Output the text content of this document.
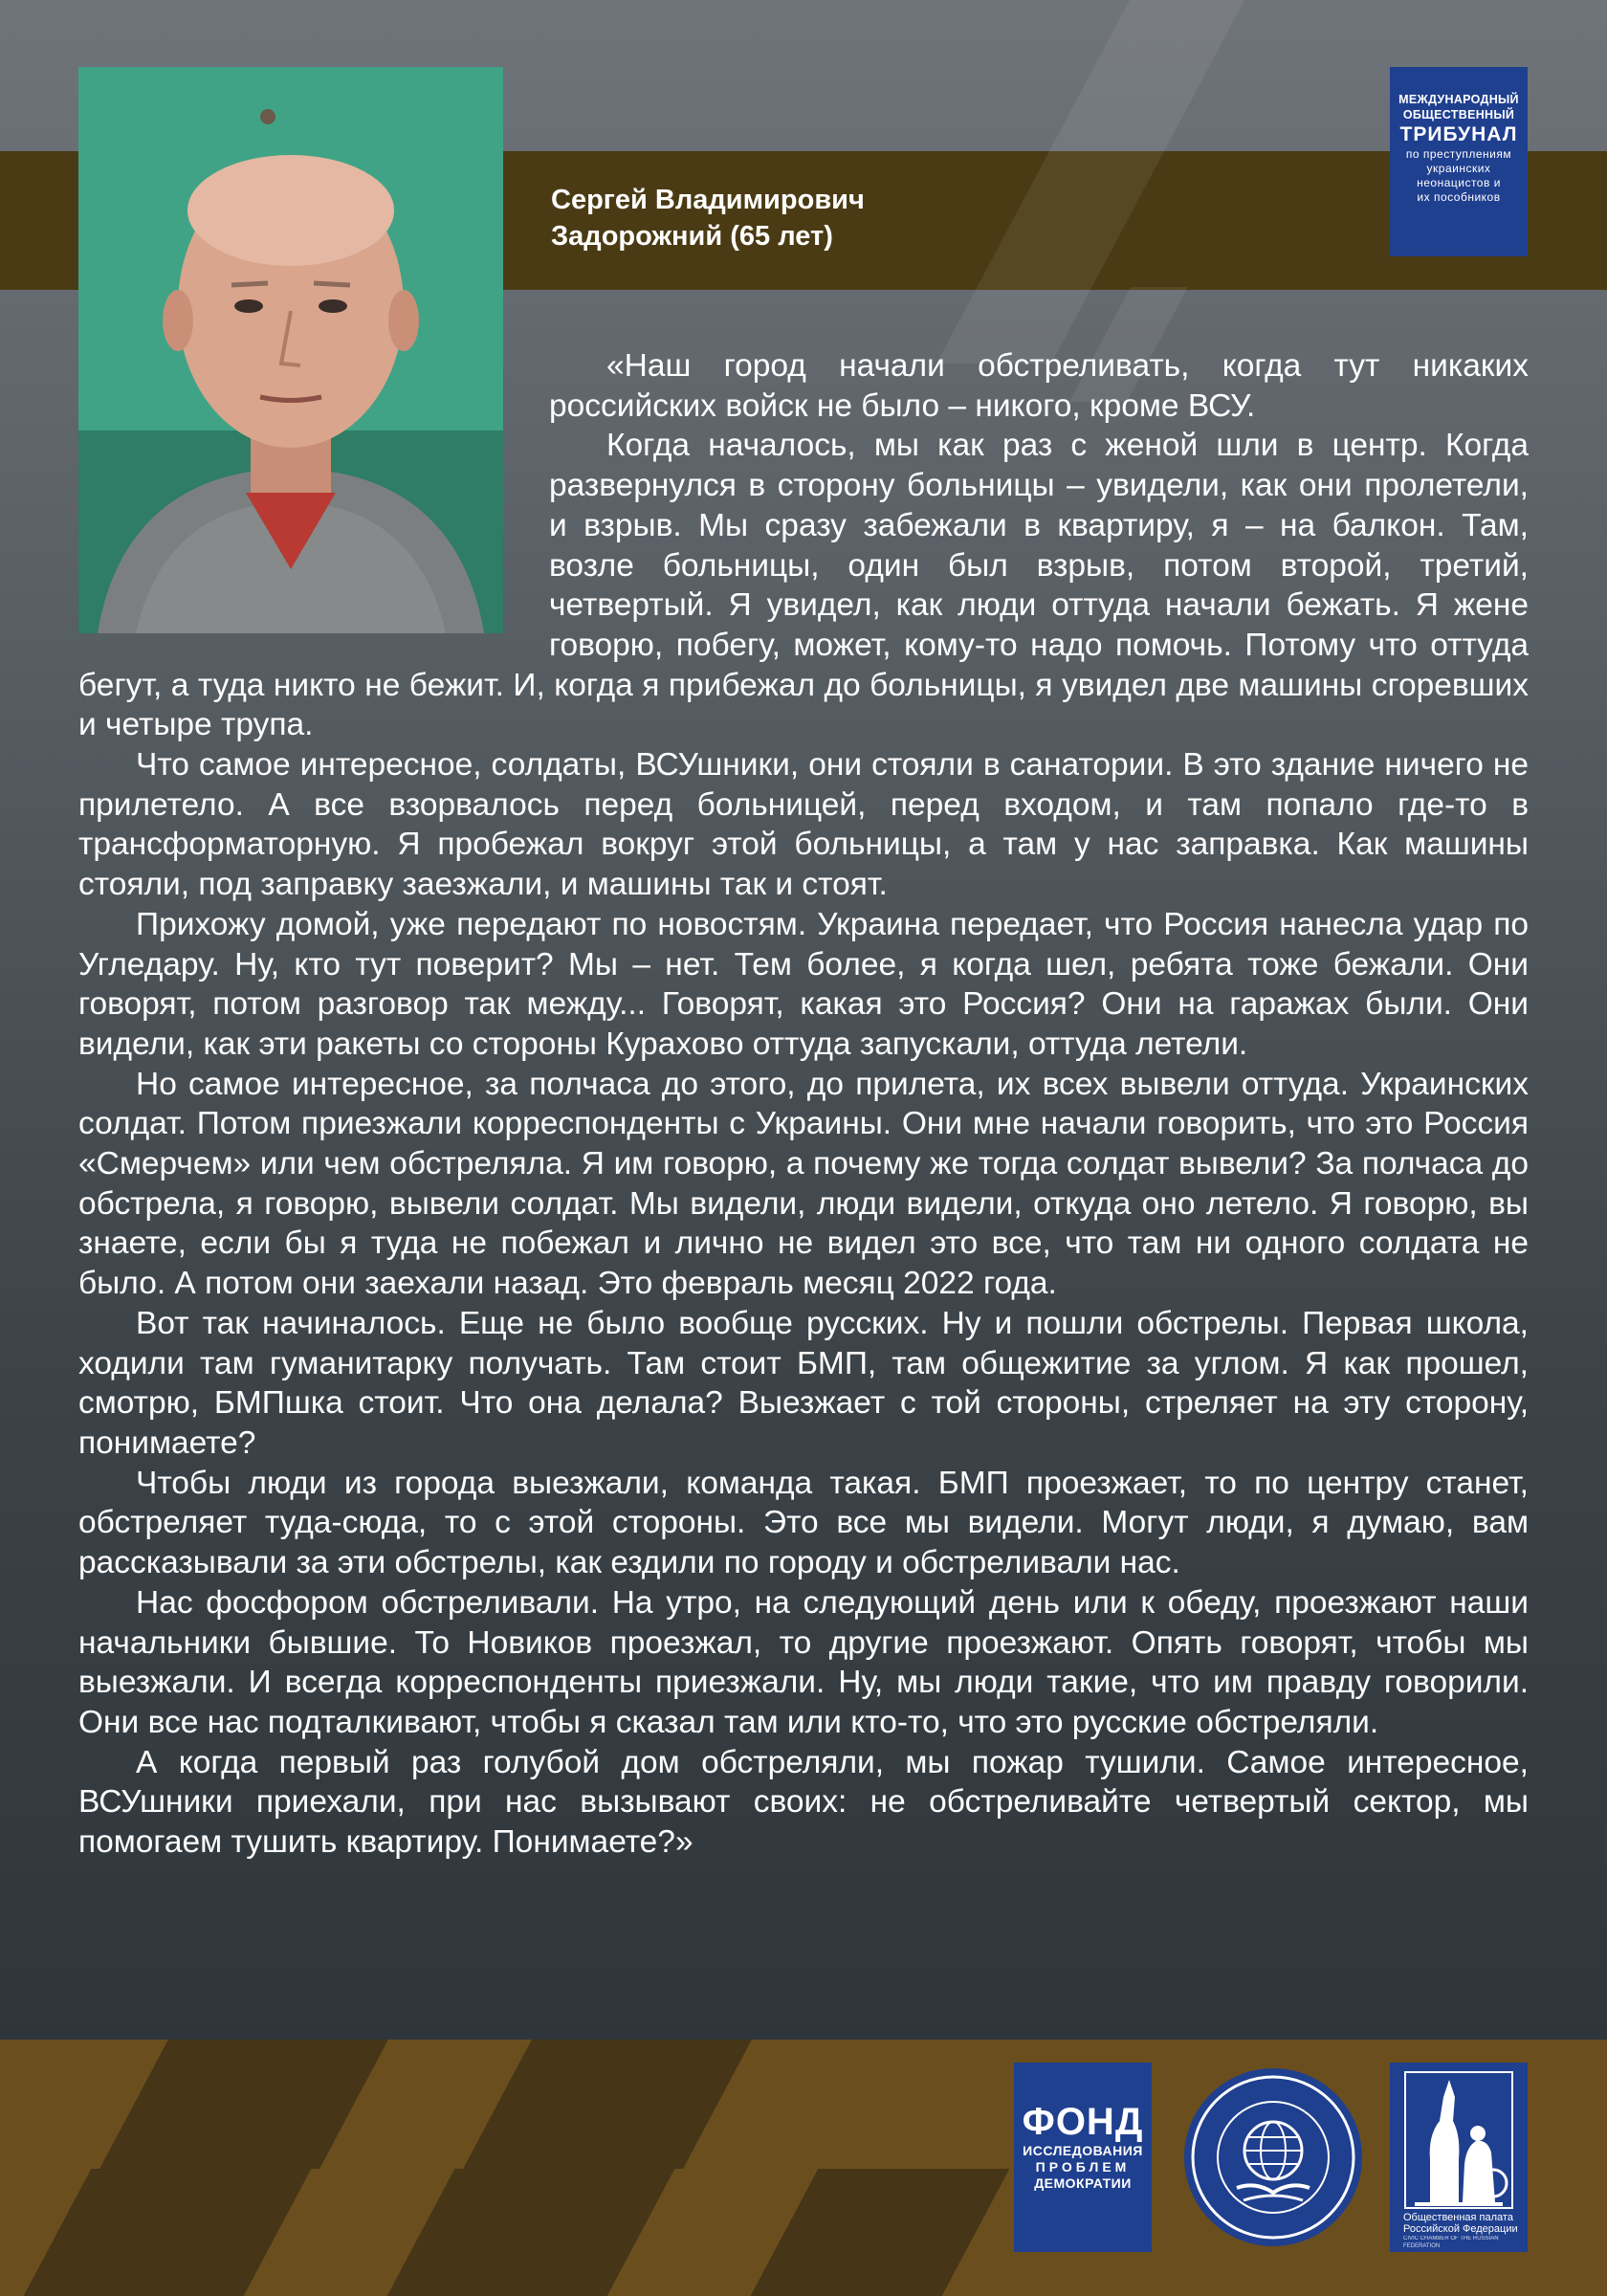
Сергей Владимирович
Задорожний (65 лет)
МЕЖДУНАРОДНЫЙ
ОБЩЕСТВЕННЫЙ
ТРИБУНАЛ
по преступлениям
украинских
неонацистов и
их пособников

«Наш город начали обстреливать, когда тут никаких российских войск не было – никого, кроме ВСУ.

Когда началось, мы как раз с женой шли в центр. Когда развернулся в сторону больницы – увидели, как они пролетели, и взрыв. Мы сразу забежали в квартиру, я – на балкон. Там, возле больницы, один был взрыв, потом второй, третий, четвертый. Я увидел, как люди оттуда начали бежать. Я жене говорю, побегу, может, кому-то надо помочь. Потому что оттуда бегут, а туда никто не бежит. И, когда я прибежал до больницы, я увидел две машины сгоревших и четыре трупа.

Что самое интересное, солдаты, ВСУшники, они стояли в санатории. В это здание ничего не прилетело. А все взорвалось перед больницей, перед входом, и там попало где-то в трансформаторную. Я пробежал вокруг этой больницы, а там у нас заправка. Как машины стояли, под заправку заезжали, и машины так и стоят.

Прихожу домой, уже передают по новостям. Украина передает, что Россия нанесла удар по Угледару. Ну, кто тут поверит? Мы – нет. Тем более, я когда шел, ребята тоже бежали. Они говорят, потом разговор так между... Говорят, какая это Россия? Они на гаражах были. Они видели, как эти ракеты со стороны Курахово оттуда запускали, оттуда летели.

Но самое интересное, за полчаса до этого, до прилета, их всех вывели оттуда. Украинских солдат. Потом приезжали корреспонденты с Украины. Они мне начали говорить, что это Россия «Смерчем» или чем обстреляла. Я им говорю, а почему же тогда солдат вывели? За полчаса до обстрела, я говорю, вывели солдат. Мы видели, люди видели, откуда оно летело. Я говорю, вы знаете, если бы я туда не побежал и лично не видел это все, что там ни одного солдата не было. А потом они заехали назад. Это февраль месяц 2022 года.

Вот так начиналось. Еще не было вообще русских. Ну и пошли обстрелы. Первая школа, ходили там гуманитарку получать. Там стоит БМП, там общежитие за углом. Я как прошел, смотрю, БМПшка стоит. Что она делала? Выезжает с той стороны, стреляет на эту сторону, понимаете?

Чтобы люди из города выезжали, команда такая. БМП проезжает, то по центру станет, обстреляет туда-сюда, то с этой стороны. Это все мы видели. Могут люди, я думаю, вам рассказывали за эти обстрелы, как ездили по городу и обстреливали нас.

Нас фосфором обстреливали. На утро, на следующий день или к обеду, проезжают наши начальники бывшие. То Новиков проезжал, то другие проезжают. Опять говорят, чтобы мы выезжали. И всегда корреспонденты приезжали. Ну, мы люди такие, что им правду говорили. Они все нас подталкивают, чтобы я сказал там или кто-то, что это русские обстреляли.

А когда первый раз голубой дом обстреляли, мы пожар тушили. Самое интересное, ВСУшники приехали, при нас вызывают своих: не обстреливайте четвертый сектор, мы помогаем тушить квартиру. Понимаете?»

ФОНД
ИССЛЕДОВАНИЯ
ПРОБЛЕМ
ДЕМОКРАТИИ
Общественная палата
Российской Федерации
CIVIC CHAMBER OF THE RUSSIAN FEDERATION
